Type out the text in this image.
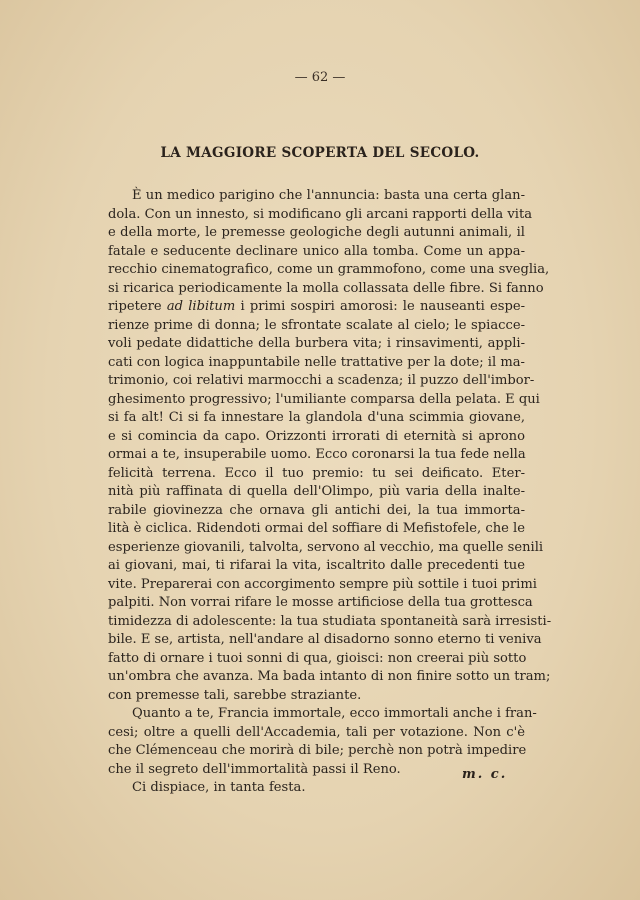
— 62 —
LA MAGGIORE SCOPERTA DEL SECOLO.
È un medico parigino che l'annuncia: basta una certa glan-
dola. Con un innesto, si modificano gli arcani rapporti della vita
e della morte, le premesse geologiche degli autunni animali, il
fatale e seducente declinare unico alla tomba. Come un appa-
recchio cinematografico, come un grammofono, come una sveglia,
si ricarica periodicamente la molla collassata delle fibre. Si fanno
ripetere ad libitum i primi sospiri amorosi: le nauseanti espe-
rienze prime di donna; le sfrontate scalate al cielo; le spiacce-
voli pedate didattiche della burbera vita; i rinsavimenti, appli-
cati con logica inappuntabile nelle trattative per la dote; il ma-
trimonio, coi relativi marmocchi a scadenza; il puzzo dell'imbor-
ghesimento progressivo; l'umiliante comparsa della pelata. E qui
si fa alt! Ci si fa innestare la glandola d'una scimmia giovane,
e si comincia da capo. Orizzonti irrorati di eternità si aprono
ormai a te, insuperabile uomo. Ecco coronarsi la tua fede nella
felicità terrena. Ecco il tuo premio: tu sei deificato. Eter-
nità più raffinata di quella dell'Olimpo, più varia della inalte-
rabile giovinezza che ornava gli antichi dei, la tua immorta-
lità è ciclica. Ridendoti ormai del soffiare di Mefistofele, che le
esperienze giovanili, talvolta, servono al vecchio, ma quelle senili
ai giovani, mai, ti rifarai la vita, iscaltrito dalle precedenti tue
vite. Preparerai con accorgimento sempre più sottile i tuoi primi
palpiti. Non vorrai rifare le mosse artificiose della tua grottesca
timidezza di adolescente: la tua studiata spontaneità sarà irresisti-
bile. E se, artista, nell'andare al disadorno sonno eterno ti veniva
fatto di ornare i tuoi sonni di qua, gioisci: non creerai più sotto
un'ombra che avanza. Ma bada intanto di non finire sotto un tram;
con premesse tali, sarebbe straziante.
Quanto a te, Francia immortale, ecco immortali anche i fran-
cesi; oltre a quelli dell'Accademia, tali per votazione. Non c'è
che Clémenceau che morirà di bile; perchè non potrà impedire
che il segreto dell'immortalità passi il Reno.
Ci dispiace, in tanta festa.
m. c.
